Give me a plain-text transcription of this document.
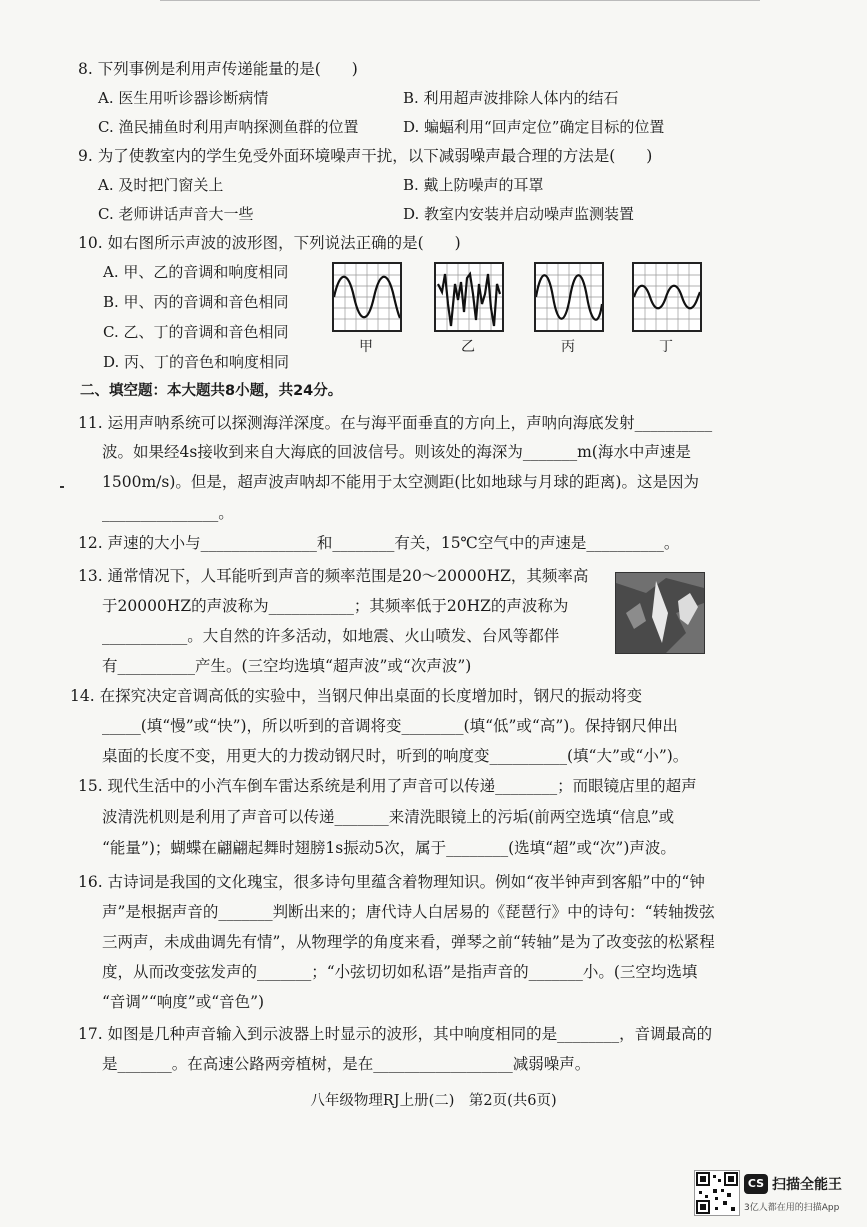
8. 下列事例是利用声传递能量的是(　　)
A. 医生用听诊器诊断病情	B. 利用超声波排除人体内的结石
C. 渔民捕鱼时利用声呐探测鱼群的位置	D. 蝙蝠利用“回声定位”确定目标的位置
9. 为了使教室内的学生免受外面环境噪声干扰，以下减弱噪声最合理的方法是(　　)
A. 及时把门窗关上	B. 戴上防噪声的耳罩
C. 老师讲话声音大一些	D. 教室内安装并启动噪声监测装置
10. 如右图所示声波的波形图，下列说法正确的是(　　)
A. 甲、乙的音调和响度相同
B. 甲、丙的音调和音色相同
C. 乙、丁的音调和音色相同
D. 丙、丁的音色和响度相同
甲	乙	丙	丁
二、填空题：本大题共8小题，共24分。
11. 运用声呐系统可以探测海洋深度。在与海平面垂直的方向上，声呐向海底发射__________
波。如果经4s接收到来自大海底的回波信号。则该处的海深为_______m(海水中声速是
1500m/s)。但是，超声波声呐却不能用于太空测距(比如地球与月球的距离)。这是因为
_______________。
12. 声速的大小与_______________和________有关，15℃空气中的声速是__________。
13. 通常情况下，人耳能听到声音的频率范围是20～20000HZ，其频率高
于20000HZ的声波称为___________；其频率低于20HZ的声波称为
___________。大自然的许多活动，如地震、火山喷发、台风等都伴
有__________产生。(三空均选填“超声波”或“次声波”)
14. 在探究决定音调高低的实验中，当钢尺伸出桌面的长度增加时，钢尺的振动将变
_____(填“慢”或“快”)，所以听到的音调将变________(填“低”或“高”)。保持钢尺伸出
桌面的长度不变，用更大的力拨动钢尺时，听到的响度变__________(填“大”或“小”)。
15. 现代生活中的小汽车倒车雷达系统是利用了声音可以传递________；而眼镜店里的超声
波清洗机则是利用了声音可以传递_______来清洗眼镜上的污垢(前两空选填“信息”或
“能量”)；蝴蝶在翩翩起舞时翅膀1s振动5次，属于________(选填“超”或“次”)声波。
16. 古诗词是我国的文化瑰宝，很多诗句里蕴含着物理知识。例如“夜半钟声到客船”中的“钟
声”是根据声音的_______判断出来的；唐代诗人白居易的《琵琶行》中的诗句：“转轴拨弦
三两声，未成曲调先有情”，从物理学的角度来看，弹琴之前“转轴”是为了改变弦的松紧程
度，从而改变弦发声的_______；“小弦切切如私语”是指声音的_______小。(三空均选填
“音调”“响度”或“音色”)
17. 如图是几种声音输入到示波器上时显示的波形，其中响度相同的是________，音调最高的
是_______。在高速公路两旁植树，是在__________________减弱噪声。
八年级物理RJ上册(二)　第2页(共6页)
CS 扫描全能王
3亿人都在用的扫描App
